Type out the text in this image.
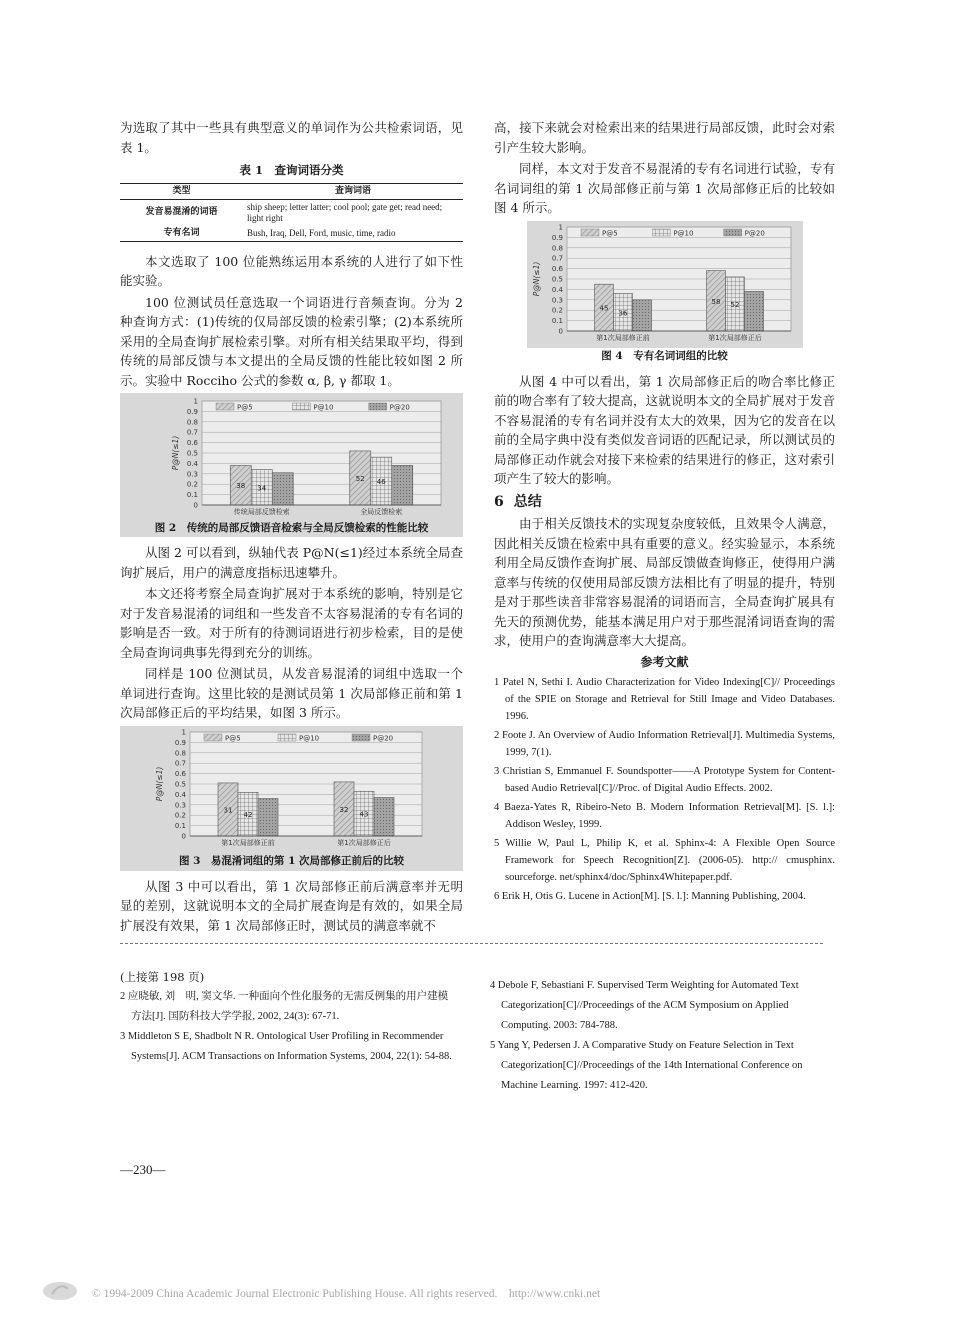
为选取了其中一些具有典型意义的单词作为公共检索词语，见表 1。

表 1　查询词语分类
类型	查询词语
发音易混淆的词语	ship sheep; letter latter; cool pool; gate get; read need; light right
专有名词	Bush, Iraq, Dell, Ford, music, time, radio

本文选取了 100 位能熟练运用本系统的人进行了如下性能实验。

100 位测试员任意选取一个词语进行音频查询。分为 2 种查询方式：(1)传统的仅局部反馈的检索引擎；(2)本系统所采用的全局查询扩展检索引擎。对所有相关结果取平均，得到传统的局部反馈与本文提出的全局反馈的性能比较如图 2 所示。实验中 Rocciho 公式的参数 α, β, γ 都取 1。

0
0.1
0.2
0.3
0.4
0.5
0.6
0.7
0.8
0.9
1
P@N(≤1)
P@5	P@10	P@20
38 34
传统局部反馈检索
52 46
全局反馈检索
图 2　传统的局部反馈语音检索与全局反馈检索的性能比较

从图 2 可以看到，纵轴代表 P@N(≤1)经过本系统全局查询扩展后，用户的满意度指标迅速攀升。

本文还将考察全局查询扩展对于本系统的影响，特别是它对于发音易混淆的词组和一些发音不太容易混淆的专有名词的影响是否一致。对于所有的待测词语进行初步检索，目的是使全局查询词典事先得到充分的训练。

同样是 100 位测试员，从发音易混淆的词组中选取一个单词进行查询。这里比较的是测试员第 1 次局部修正前和第 1 次局部修正后的平均结果，如图 3 所示。

0
0.1
0.2
0.3
0.4
0.5
0.6
0.7
0.8
0.9
1
P@N(≤1)
P@5	P@10	P@20
31
42
第1次局部修正前
32
43
第1次局部修正后
图 3　易混淆词组的第 1 次局部修正前后的比较

从图 3 中可以看出，第 1 次局部修正前后满意率并无明显的差别，这就说明本文的全局扩展查询是有效的，如果全局扩展没有效果，第 1 次局部修正时，测试员的满意率就不

高，接下来就会对检索出来的结果进行局部反馈，此时会对索引产生较大影响。

同样，本文对于发音不易混淆的专有名词进行试验，专有名词词组的第 1 次局部修正前与第 1 次局部修正后的比较如图 4 所示。

0
0.1
0.2
0.3
0.4
0.5
0.6
0.7
0.8
0.9
1
P@N(≤1)
P@5	P@10	P@20
45
36
第1次局部修正前
58 52
第1次局部修正后
图 4　专有名词词组的比较

从图 4 中可以看出，第 1 次局部修正后的吻合率比修正前的吻合率有了较大提高，这就说明本文的全局扩展对于发音不容易混淆的专有名词并没有太大的效果，因为它的发音在以前的全局字典中没有类似发音词语的匹配记录，所以测试员的局部修正动作就会对接下来检索的结果进行的修正，这对索引项产生了较大的影响。

6 总结

由于相关反馈技术的实现复杂度较低，且效果令人满意，因此相关反馈在检索中具有重要的意义。经实验显示，本系统利用全局反馈作查询扩展、局部反馈做查询修正，使得用户满意率与传统的仅使用局部反馈方法相比有了明显的提升，特别是对于那些读音非常容易混淆的词语而言，全局查询扩展具有先天的预测优势，能基本满足用户对于那些混淆词语查询的需求，使用户的查询满意率大大提高。

参考文献

1 Patel N, Sethi I. Audio Characterization for Video Indexing[C]// Proceedings of the SPIE on Storage and Retrieval for Still Image and Video Databases. 1996.

2 Foote J. An Overview of Audio Information Retrieval[J]. Multimedia Systems, 1999, 7(1).

3 Christian S, Emmanuel F. Soundspotter——A Prototype System for Content-based Audio Retrieval[C]//Proc. of Digital Audio Effects. 2002.

4 Baeza-Yates R, Ribeiro-Neto B. Modern Information Retrieval[M]. [S. l.]: Addison Wesley, 1999.

5 Willie W, Paul L, Philip K, et al. Sphinx-4: A Flexible Open Source Framework for Speech Recognition[Z]. (2006-05). http:// cmusphinx. sourceforge. net/sphinx4/doc/Sphinx4Whitepaper.pdf.

6 Erik H, Otis G. Lucene in Action[M]. [S. l.]: Manning Publishing, 2004.

(上接第 198 页)

2 应晓敏, 刘　明, 窦文华. 一种面向个性化服务的无需反例集的用户建模方法[J]. 国防科技大学学报, 2002, 24(3): 67-71.

3 Middleton S E, Shadbolt N R. Ontological User Profiling in Recommender Systems[J]. ACM Transactions on Information Systems, 2004, 22(1): 54-88.

4 Debole F, Sebastiani F. Supervised Term Weighting for Automated Text Categorization[C]//Proceedings of the ACM Symposium on Applied Computing. 2003: 784-788.

5 Yang Y, Pedersen J. A Comparative Study on Feature Selection in Text Categorization[C]//Proceedings of the 14th International Conference on Machine Learning. 1997: 412-420.

—230—
© 1994-2009 China Academic Journal Electronic Publishing House. All rights reserved.　http://www.cnki.net
